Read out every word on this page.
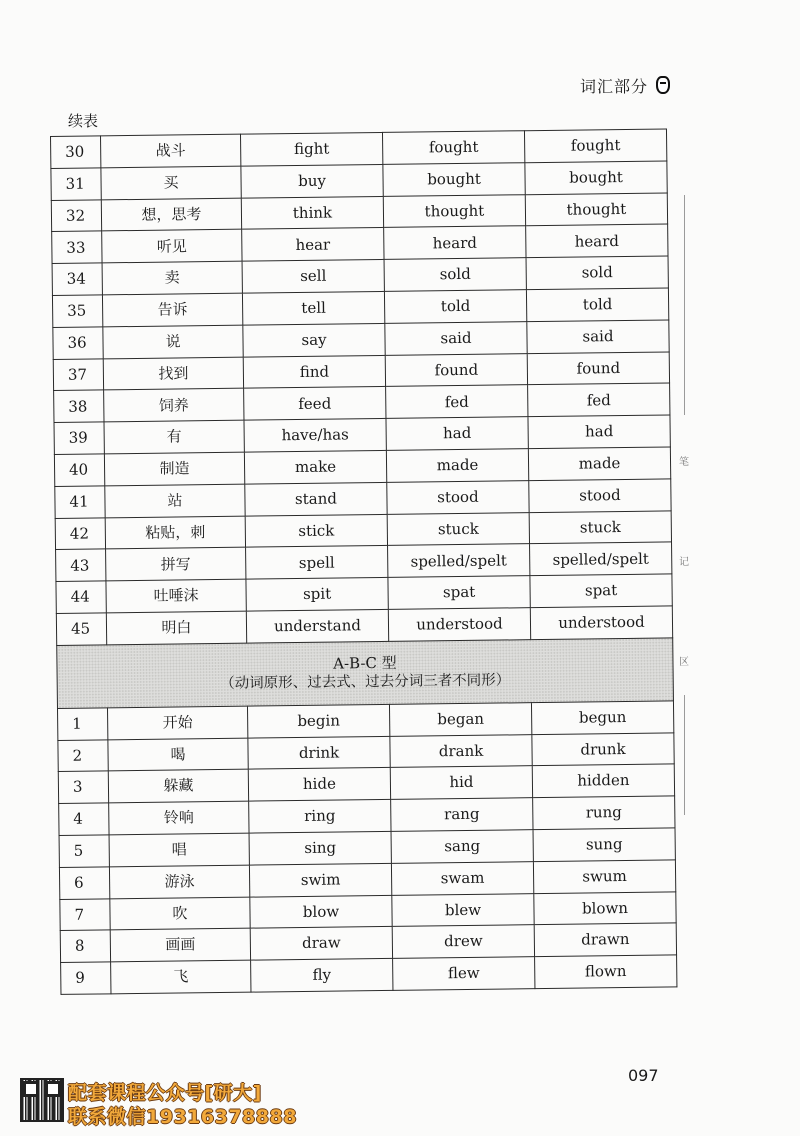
词汇部分
续表
30	战斗	fight	fought	fought
31	买	buy	bought	bought
32	想，思考	think	thought	thought
33	听见	hear	heard	heard
34	卖	sell	sold	sold
35	告诉	tell	told	told
36	说	say	said	said
37	找到	find	found	found
38	饲养	feed	fed	fed
39	有	have/has	had	had
40	制造	make	made	made
41	站	stand	stood	stood
42	粘贴，刺	stick	stuck	stuck
43	拼写	spell	spelled/spelt	spelled/spelt
44	吐唾沫	spit	spat	spat
45	明白	understand	understood	understood

A-B-C 型
（动词原形、过去式、过去分词三者不同形）				

1	开始	begin	began	begun
2	喝	drink	drank	drunk
3	躲藏	hide	hid	hidden
4	铃响	ring	rang	rung
5	唱	sing	sang	sung
6	游泳	swim	swam	swum
7	吹	blow	blew	blown
8	画画	draw	drew	drawn
9	飞	fly	flew	flown
笔
记
区
097
配套课程公众号[研大]
联系微信19316378888
